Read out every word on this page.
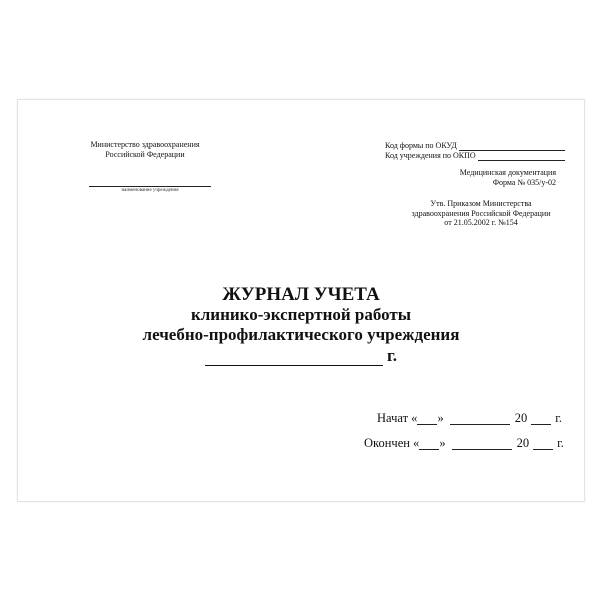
Министерство здравоохранения
Российской Федерации
наименование учреждения
Код формы по ОКУД
Код учреждения по ОКПО
Медицинская документация
Форма № 035/у-02
Утв. Приказом Министерства
здравоохранения Российской Федерации
от 21.05.2002 г. №154
ЖУРНАЛ УЧЕТА
клинико-экспертной работы
лечебно-профилактического учреждения
г.
Начат « »	20 г.
Окончен « »	20 г.
